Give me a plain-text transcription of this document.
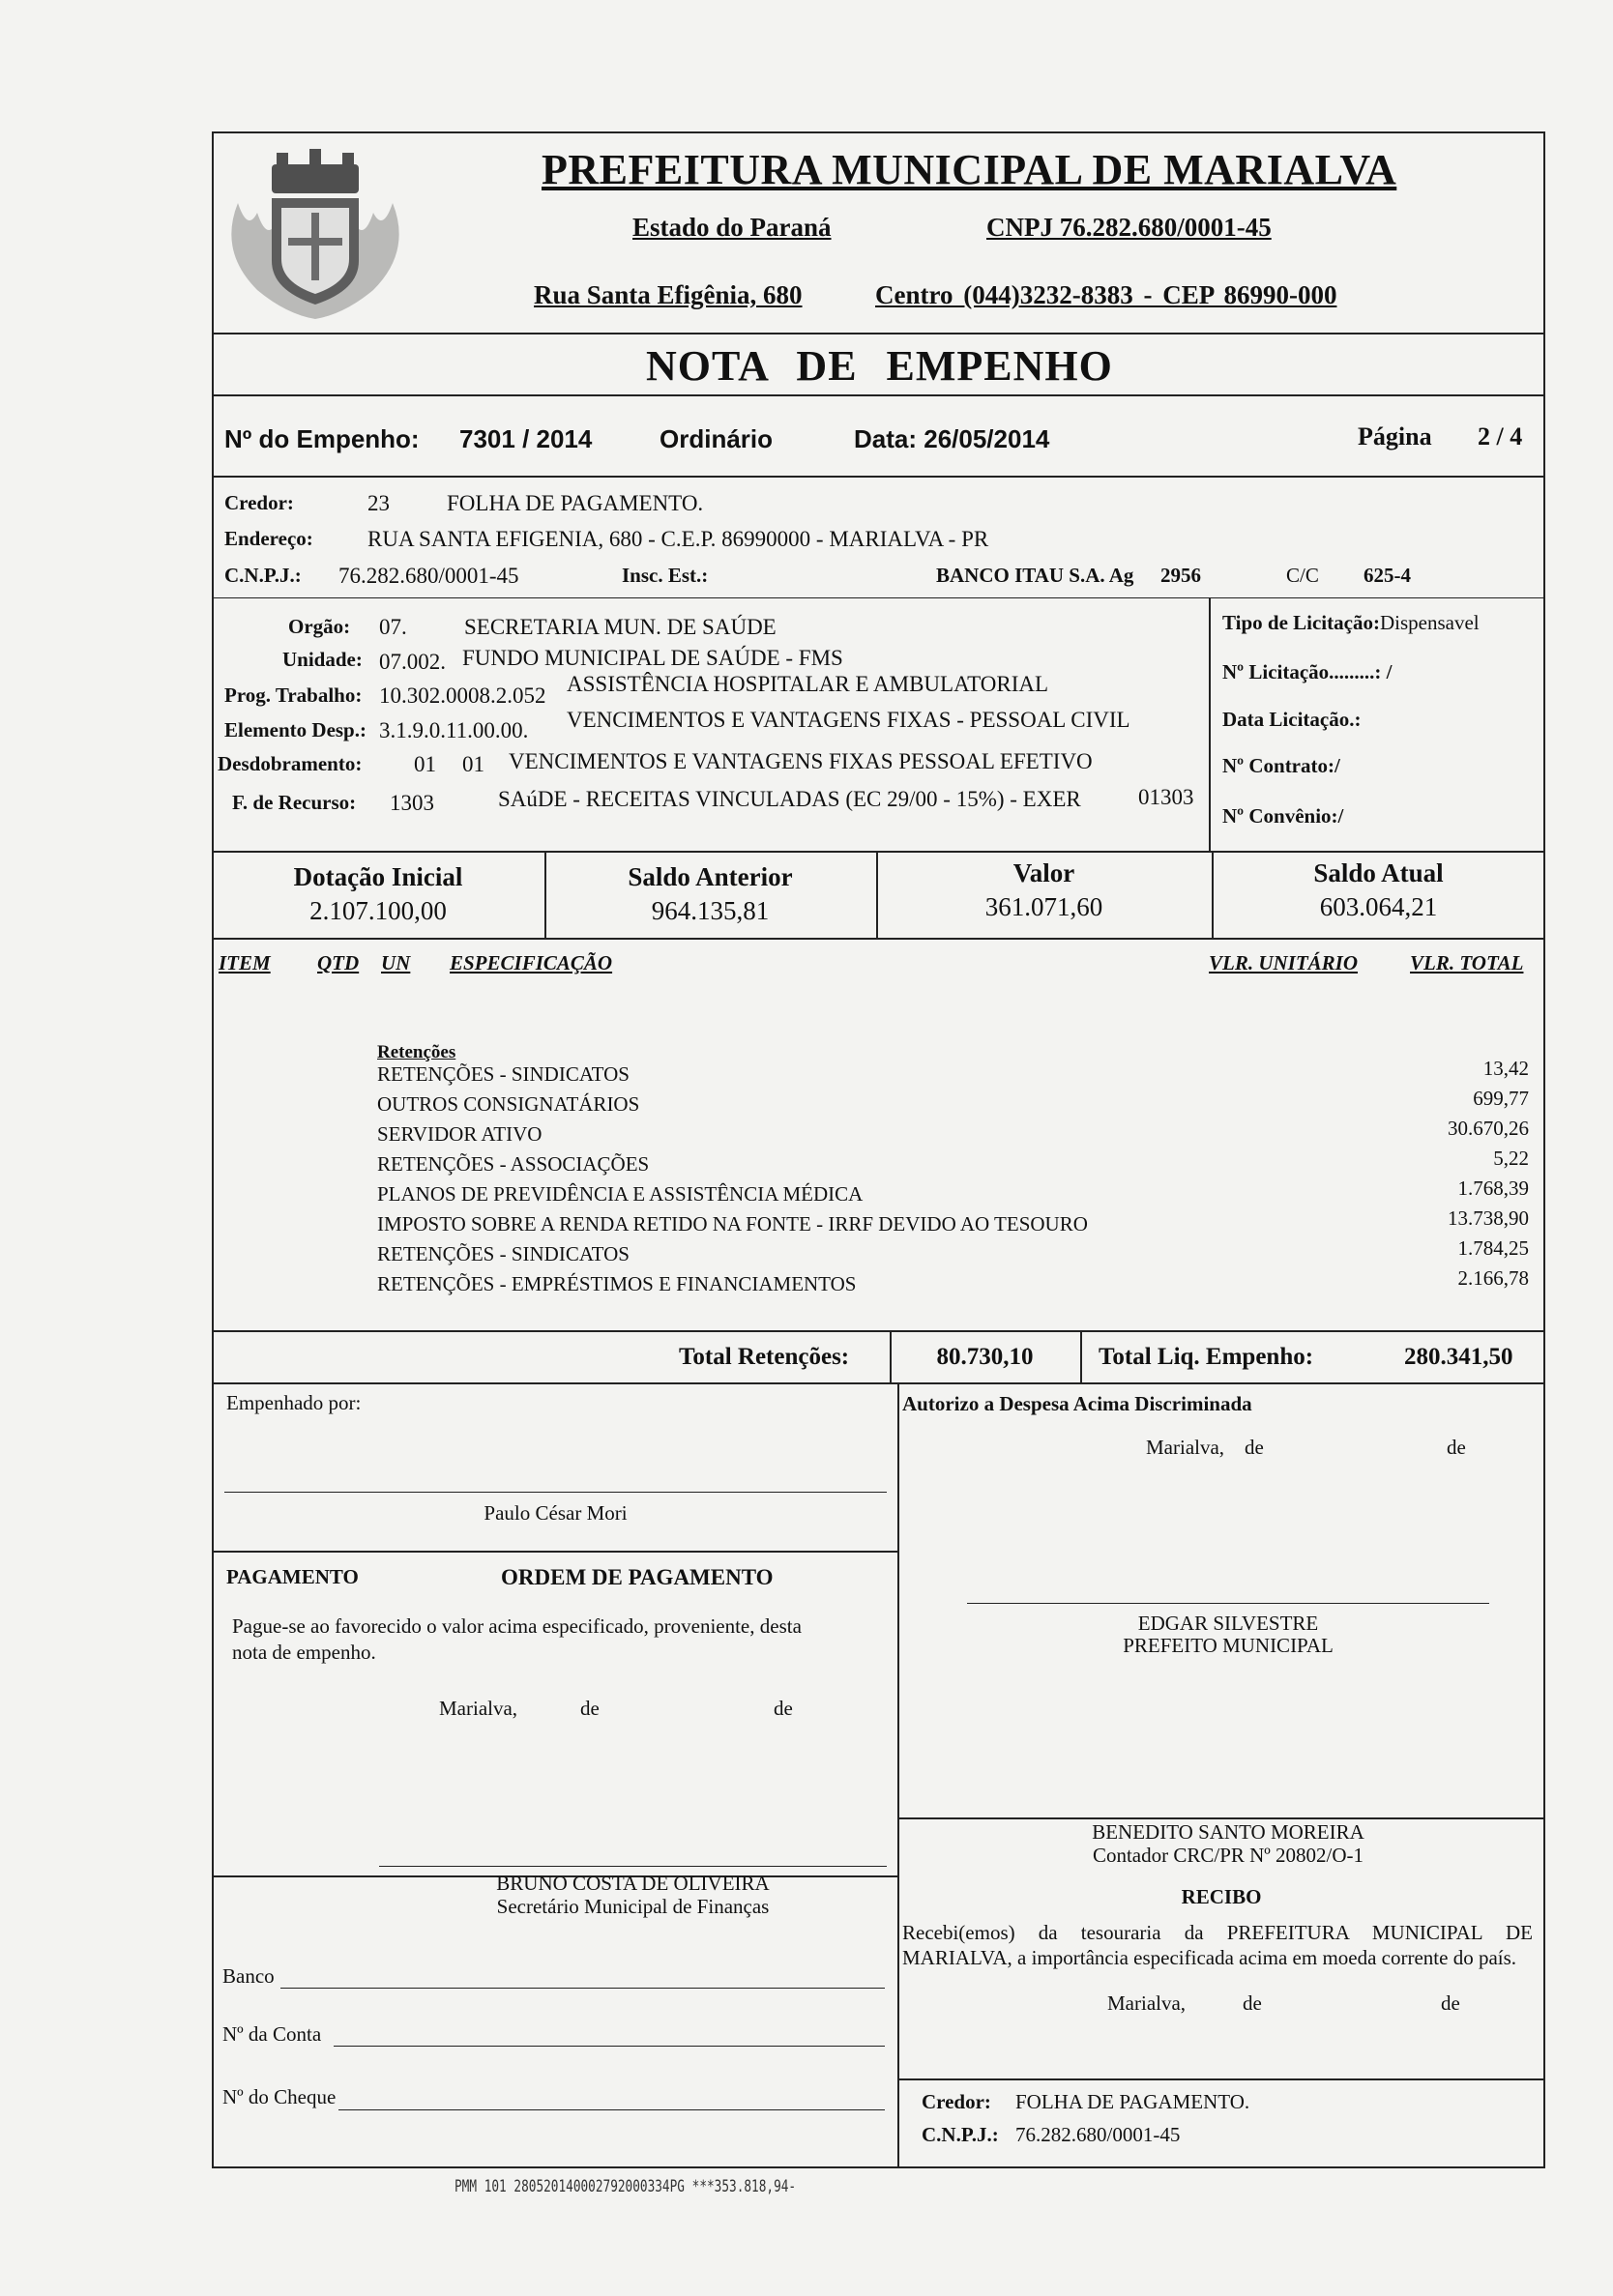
PREFEITURA MUNICIPAL DE MARIALVA
Estado do Paraná	CNPJ 76.282.680/0001-45
Rua Santa Efigênia, 680	Centro (044)3232-8383 - CEP 86990-000
NOTA DE EMPENHO
Nº do Empenho: 7301 / 2014	Ordinário	Data: 26/05/2014	Página 2 / 4
Credor:	23	FOLHA DE PAGAMENTO.
Endereço: RUA SANTA EFIGENIA, 680 - C.E.P. 86990000 - MARIALVA - PR
C.N.P.J.: 76.282.680/0001-45	Insc. Est.:	BANCO ITAU S.A. Ag 2956	C/C 625-4
Orgão: 07.	SECRETARIA MUN. DE SAÚDE
Unidade: 07.002. FUNDO MUNICIPAL DE SAÚDE - FMS
Prog. Trabalho: 10.302.0008.2.052 ASSISTÊNCIA HOSPITALAR E AMBULATORIAL
Elemento Desp.: 3.1.9.0.11.00.00. VENCIMENTOS E VANTAGENS FIXAS - PESSOAL CIVIL
Desdobramento: 01 01 VENCIMENTOS E VANTAGENS FIXAS PESSOAL EFETIVO
F. de Recurso: 1303	SAúDE - RECEITAS VINCULADAS (EC 29/00 - 15%) - EXER	01303
Tipo de Licitação:Dispensavel
Nº Licitação.........: /
Data Licitação.:
Nº Contrato:/
Nº Convênio:/
Dotação Inicial
2.107.100,00
Saldo Anterior
964.135,81
Valor
361.071,60
Saldo Atual
603.064,21
ITEM QTD UN ESPECIFICAÇÃO	VLR. UNITÁRIO	VLR. TOTAL
Retenções
RETENÇÕES - SINDICATOS	13,42
OUTROS CONSIGNATÁRIOS	699,77
SERVIDOR ATIVO	30.670,26
RETENÇÕES - ASSOCIAÇÕES	5,22
PLANOS DE PREVIDÊNCIA E ASSISTÊNCIA MÉDICA	1.768,39
IMPOSTO SOBRE A RENDA RETIDO NA FONTE - IRRF DEVIDO AO TESOURO	13.738,90
RETENÇÕES - SINDICATOS	1.784,25
RETENÇÕES - EMPRÉSTIMOS E FINANCIAMENTOS	2.166,78
Total Retenções:	80.730,10	Total Liq. Empenho:	280.341,50
Empenhado por:
Paulo César Mori
Autorizo a Despesa Acima Discriminada
Marialva, de	de
PAGAMENTO	ORDEM DE PAGAMENTO
Pague-se ao favorecido o valor acima especificado, proveniente, desta
nota de empenho.
Marialva,	de	de
EDGAR SILVESTRE
PREFEITO MUNICIPAL
BENEDITO SANTO MOREIRA
Contador CRC/PR Nº 20802/O-1
BRUNO COSTA DE OLIVEIRA
Secretário Municipal de Finanças	RECIBO
Recebi(emos) da tesouraria da PREFEITURA MUNICIPAL DE MARIALVA, a importância especificada acima em moeda corrente do país.
Marialva,	de	de
Banco
Nº da Conta
Nº do Cheque	Credor: FOLHA DE PAGAMENTO.
C.N.P.J.: 76.282.680/0001-45
PMM 101 280520140002792000334PG ***353.818,94-
